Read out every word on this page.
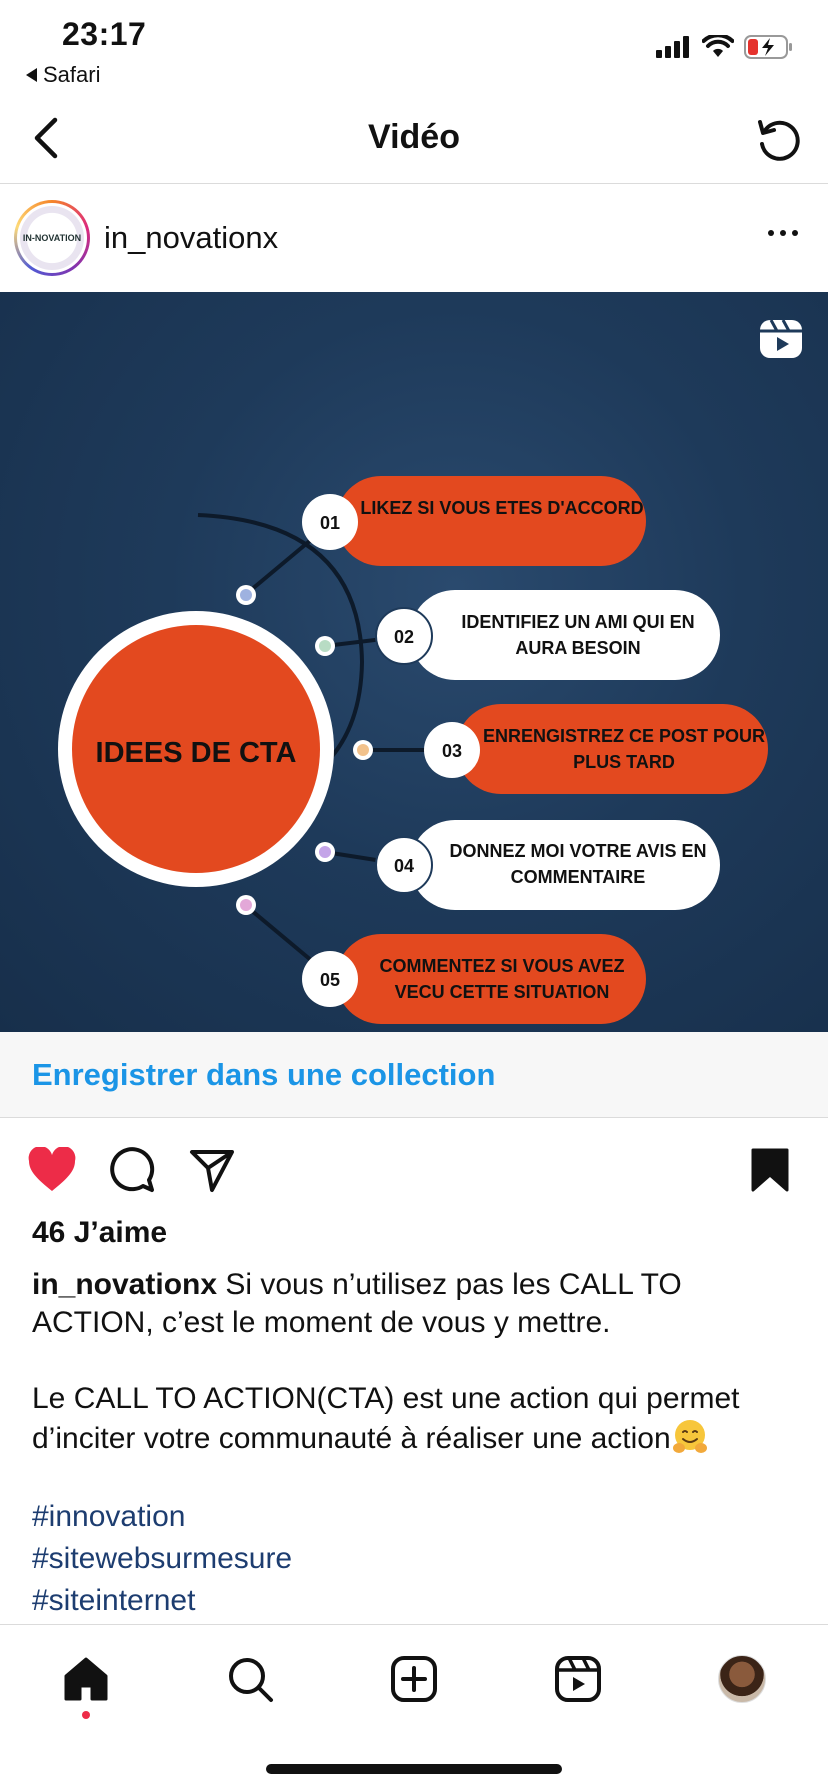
23:17
Safari
Vidéo
IN-NOVATION in_novationx
IDEES DE CTA
01
LIKEZ SI VOUS ETES D'ACCORD
02
IDENTIFIEZ UN AMI QUI EN
AURA BESOIN
03
ENRENGISTREZ CE POST POUR
PLUS TARD
04
DONNEZ MOI VOTRE AVIS EN
COMMENTAIRE
05
COMMENTEZ SI VOUS AVEZ
VECU CETTE SITUATION
Enregistrer dans une collection
46 J’aime

in_novationx Si vous n’utilisez pas les CALL TO ACTION, c’est le moment de vous y mettre.

Le CALL TO ACTION(CTA) est une action qui permet d’inciter votre communauté à réaliser une action

#innovation
#sitewebsurmesure
#siteinternet
